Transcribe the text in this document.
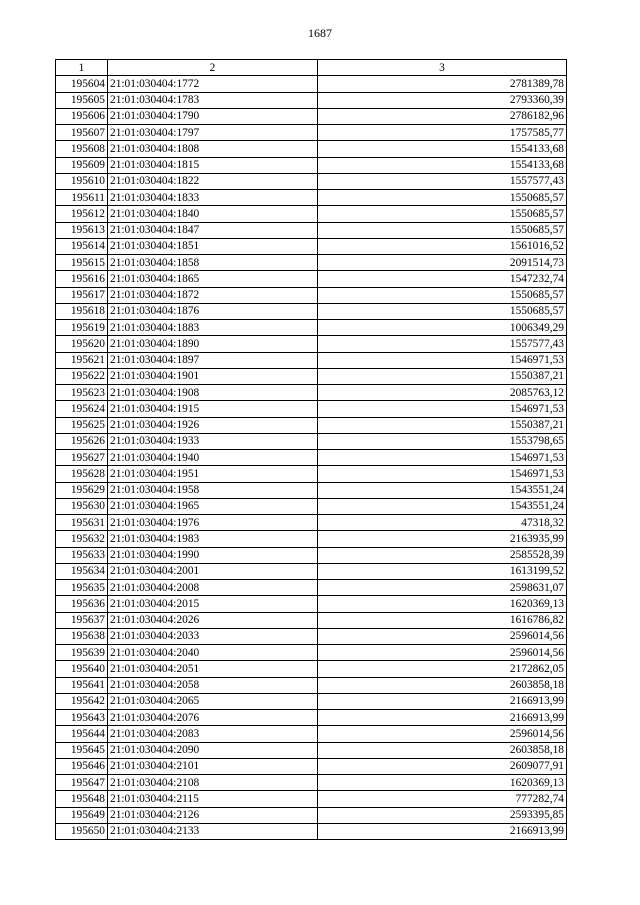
1687
1	2	3
195604	21:01:030404:1772	2781389,78
195605	21:01:030404:1783	2793360,39
195606	21:01:030404:1790	2786182,96
195607	21:01:030404:1797	1757585,77
195608	21:01:030404:1808	1554133,68
195609	21:01:030404:1815	1554133,68
195610	21:01:030404:1822	1557577,43
195611	21:01:030404:1833	1550685,57
195612	21:01:030404:1840	1550685,57
195613	21:01:030404:1847	1550685,57
195614	21:01:030404:1851	1561016,52
195615	21:01:030404:1858	2091514,73
195616	21:01:030404:1865	1547232,74
195617	21:01:030404:1872	1550685,57
195618	21:01:030404:1876	1550685,57
195619	21:01:030404:1883	1006349,29
195620	21:01:030404:1890	1557577,43
195621	21:01:030404:1897	1546971,53
195622	21:01:030404:1901	1550387,21
195623	21:01:030404:1908	2085763,12
195624	21:01:030404:1915	1546971,53
195625	21:01:030404:1926	1550387,21
195626	21:01:030404:1933	1553798,65
195627	21:01:030404:1940	1546971,53
195628	21:01:030404:1951	1546971,53
195629	21:01:030404:1958	1543551,24
195630	21:01:030404:1965	1543551,24
195631	21:01:030404:1976	47318,32
195632	21:01:030404:1983	2163935,99
195633	21:01:030404:1990	2585528,39
195634	21:01:030404:2001	1613199,52
195635	21:01:030404:2008	2598631,07
195636	21:01:030404:2015	1620369,13
195637	21:01:030404:2026	1616786,82
195638	21:01:030404:2033	2596014,56
195639	21:01:030404:2040	2596014,56
195640	21:01:030404:2051	2172862,05
195641	21:01:030404:2058	2603858,18
195642	21:01:030404:2065	2166913,99
195643	21:01:030404:2076	2166913,99
195644	21:01:030404:2083	2596014,56
195645	21:01:030404:2090	2603858,18
195646	21:01:030404:2101	2609077,91
195647	21:01:030404:2108	1620369,13
195648	21:01:030404:2115	777282,74
195649	21:01:030404:2126	2593395,85
195650	21:01:030404:2133	2166913,99
